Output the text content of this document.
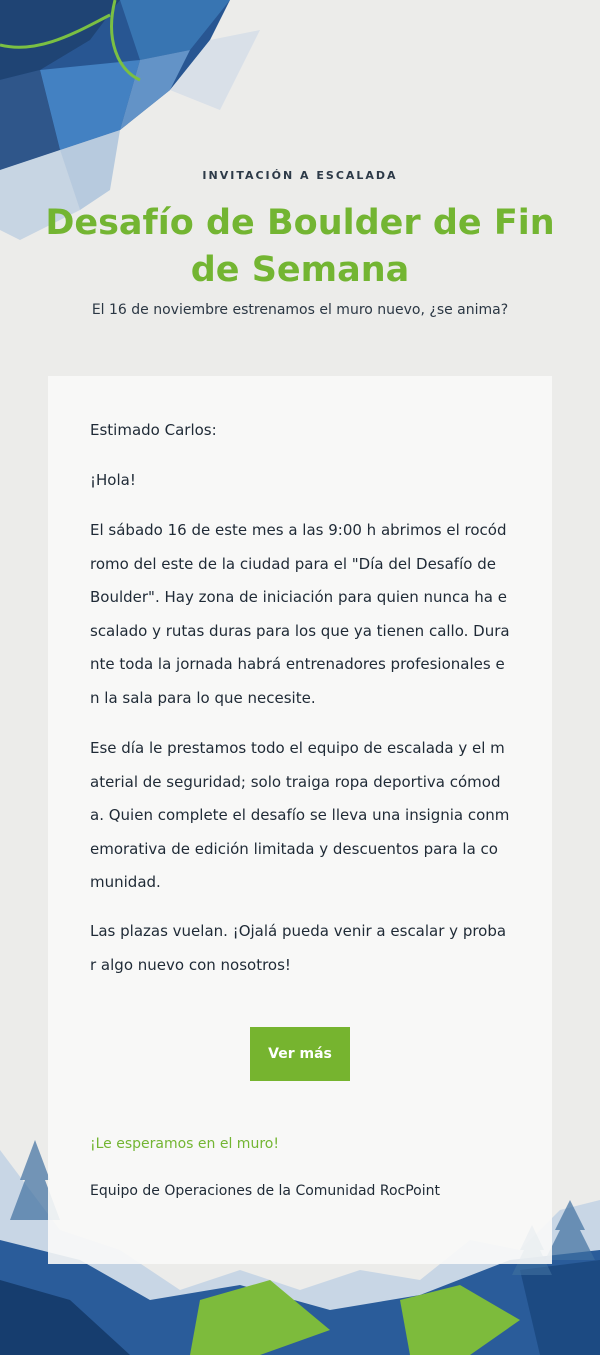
INVITACIÓN A ESCALADA
Desafío de Boulder de Fin de Semana
El 16 de noviembre estrenamos el muro nuevo, ¿se anima?
Estimado Carlos:
¡Hola!

El sábado 16 de este mes a las 9:00 h abrimos el rocódromo del este de la ciudad para el "Día del Desafío de Boulder". Hay zona de iniciación para quien nunca ha escalado y rutas duras para los que ya tienen callo. Durante toda la jornada habrá entrenadores profesionales en la sala para lo que necesite.

Ese día le prestamos todo el equipo de escalada y el material de seguridad; solo traiga ropa deportiva cómoda. Quien complete el desafío se lleva una insignia conmemorativa de edición limitada y descuentos para la comunidad.

Las plazas vuelan. ¡Ojalá pueda venir a escalar y probar algo nuevo con nosotros!

Ver más
¡Le esperamos en el muro!
Equipo de Operaciones de la Comunidad RocPoint
